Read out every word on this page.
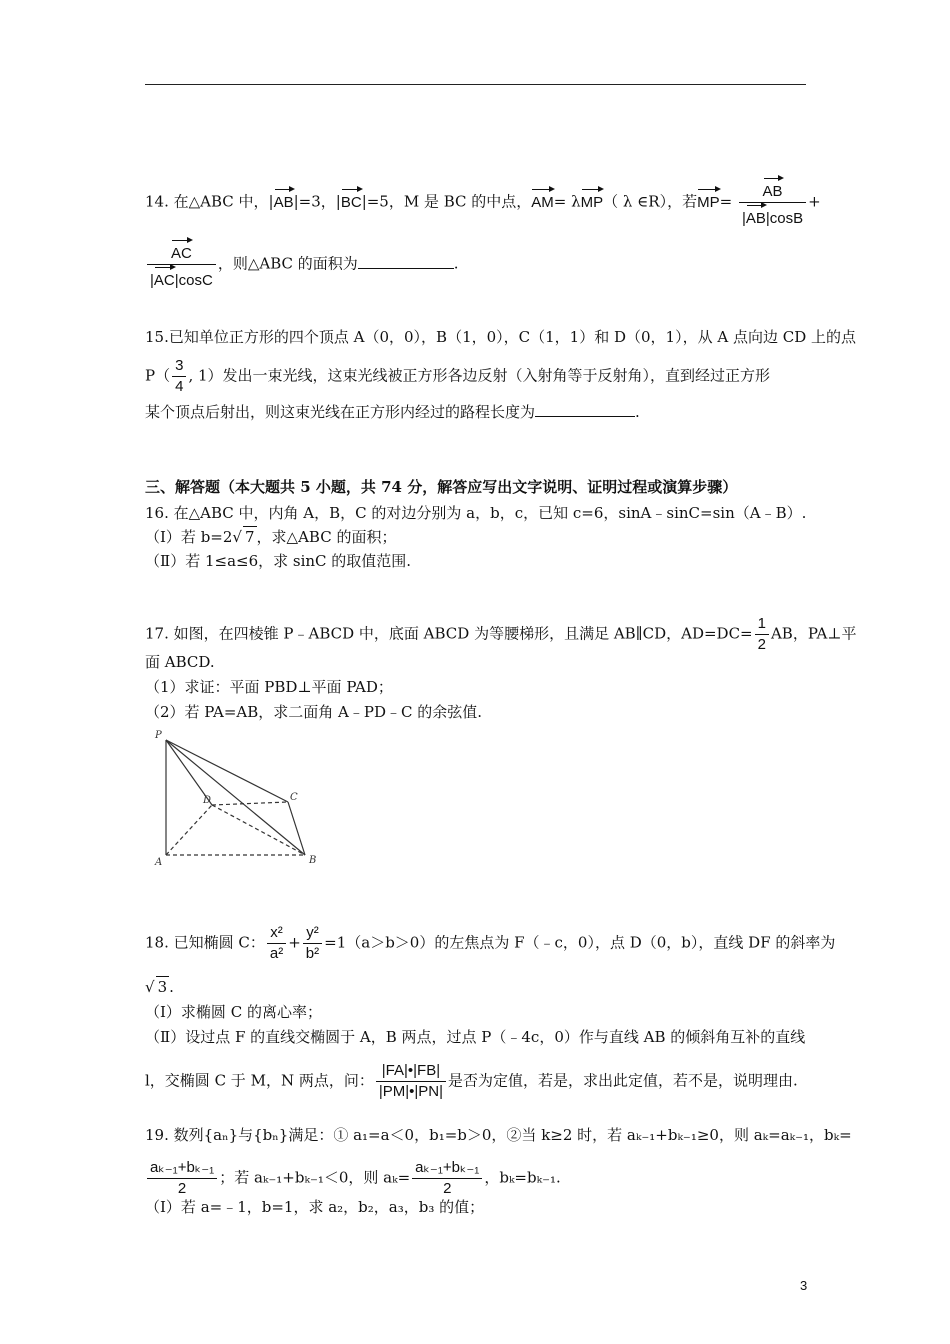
14. 在△ABC 中，|AB|=3，|BC|=5，M 是 BC 的中点，AM= λMP（ λ ∈R），若$MP= \frac{AB}{|AB|\cos B}$ +
$\frac{AC}{|AC|\cos C}$ ，则△ABC 的面积为	.
15.已知单位正方形的四个顶点 A（0，0），B（1，0），C（1，1）和 D（0，1），从 A 点向边 CD 上的点
$P( \frac{3}{4}$ , 1）发出一束光线，这束光线被正方形各边反射（入射角等于反射角），直到经过正方形
某个顶点后射出，则这束光线在正方形内经过的路程长度为	.
三、解答题（本大题共 5 小题，共 74 分，解答应写出文字说明、证明过程或演算步骤）
16. 在△ABC 中，内角 A，B，C 的对边分别为 a，b，c，已知 c=6，sinA﹣sinC=sin（A﹣B）.
（Ⅰ）若 b=2√ 7 ，求△ABC 的面积；
（Ⅱ）若 1≤a≤6，求 sinC 的取值范围.
17. 如图，在四棱锥 P﹣ABCD 中，底面 ABCD 为等腰梯形，且满足 AB∥CD，$AD=DC= \frac{1}{2}$ AB，PA⊥平
面 ABCD.
（1）求证：平面 PBD⊥平面 PAD；
（2）若 PA=AB，求二面角 A﹣PD﹣C 的余弦值.
P
D	C
A	B
18. 已知椭圆 C： $\frac{\text{x²}}{\text{a²}} + \frac{\text{y²}}{\text{b²}} =1(a>b>0)$的左焦点为 F（﹣c，0），点 D（0，b），直线 DF 的斜率为
√ 3 .
（Ⅰ）求椭圆 C 的离心率；
（Ⅱ）设过点 F 的直线交椭圆于 A，B 两点，过点 P（﹣4c，0）作与直线 AB 的倾斜角互补的直线
l，交椭圆 C 于 M，N 两点，问： $\frac{|FA|•|FB|}{|PM|•|PN|}$ 是否为定值，若是，求出此定值，若不是，说明理由.
19. 数列{aₙ}与{bₙ}满足：① a₁=a＜0，b₁=b＞0，②当 k≥2 时，若 aₖ₋₁+bₖ₋₁≥0，则 aₖ=aₖ₋₁，bₖ=
$\frac{\text{aₖ₋₁+bₖ₋₁}}{2}$ ；若 aₖ₋₁+bₖ₋₁＜0，则 $a_k= \frac{\text{aₖ₋₁+bₖ₋₁}}{2}$ ，bₖ=bₖ₋₁.
（Ⅰ）若 a=﹣1，b=1，求 a₂，b₂，a₃，b₃ 的值；
3
